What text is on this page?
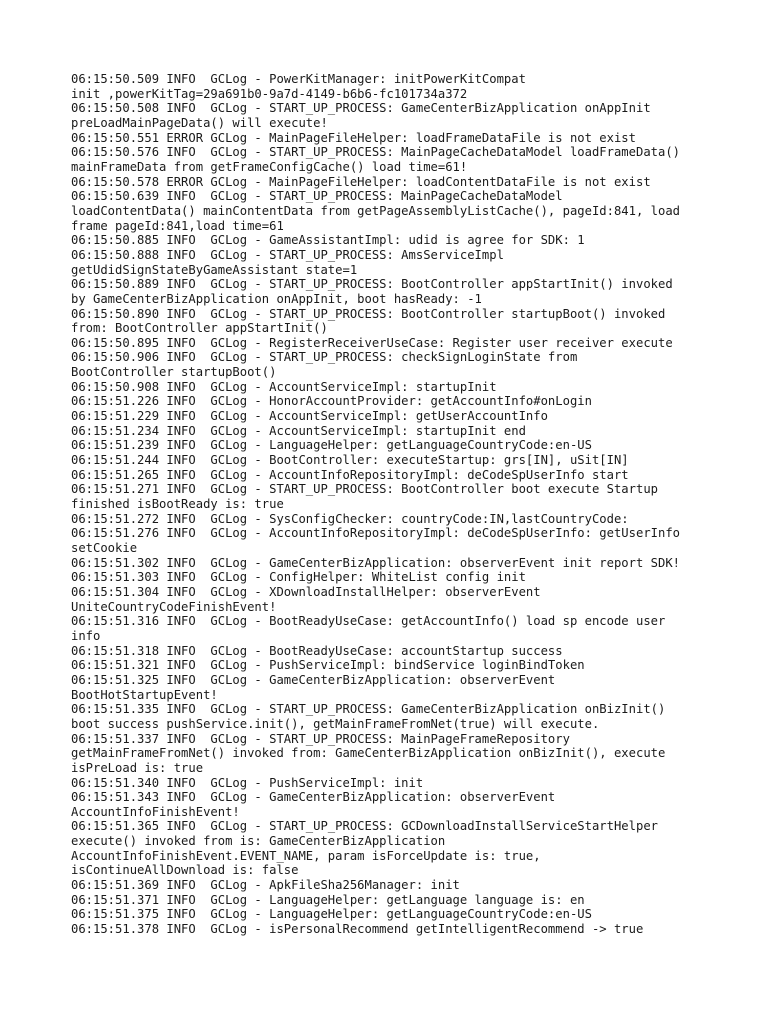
06:15:50.509 INFO  GCLog - PowerKitManager: initPowerKitCompat
init ,powerKitTag=29a691b0-9a7d-4149-b6b6-fc101734a372
06:15:50.508 INFO  GCLog - START_UP_PROCESS: GameCenterBizApplication onAppInit
preLoadMainPageData() will execute!
06:15:50.551 ERROR GCLog - MainPageFileHelper: loadFrameDataFile is not exist
06:15:50.576 INFO  GCLog - START_UP_PROCESS: MainPageCacheDataModel loadFrameData()
mainFrameData from getFrameConfigCache() load time=61!
06:15:50.578 ERROR GCLog - MainPageFileHelper: loadContentDataFile is not exist
06:15:50.639 INFO  GCLog - START_UP_PROCESS: MainPageCacheDataModel
loadContentData() mainContentData from getPageAssemblyListCache(), pageId:841, load
frame pageId:841,load time=61
06:15:50.885 INFO  GCLog - GameAssistantImpl: udid is agree for SDK: 1
06:15:50.888 INFO  GCLog - START_UP_PROCESS: AmsServiceImpl
getUdidSignStateByGameAssistant state=1
06:15:50.889 INFO  GCLog - START_UP_PROCESS: BootController appStartInit() invoked
by GameCenterBizApplication onAppInit, boot hasReady: -1
06:15:50.890 INFO  GCLog - START_UP_PROCESS: BootController startupBoot() invoked
from: BootController appStartInit()
06:15:50.895 INFO  GCLog - RegisterReceiverUseCase: Register user receiver execute
06:15:50.906 INFO  GCLog - START_UP_PROCESS: checkSignLoginState from
BootController startupBoot()
06:15:50.908 INFO  GCLog - AccountServiceImpl: startupInit
06:15:51.226 INFO  GCLog - HonorAccountProvider: getAccountInfo#onLogin
06:15:51.229 INFO  GCLog - AccountServiceImpl: getUserAccountInfo
06:15:51.234 INFO  GCLog - AccountServiceImpl: startupInit end
06:15:51.239 INFO  GCLog - LanguageHelper: getLanguageCountryCode:en-US
06:15:51.244 INFO  GCLog - BootController: executeStartup: grs[IN], uSit[IN]
06:15:51.265 INFO  GCLog - AccountInfoRepositoryImpl: deCodeSpUserInfo start
06:15:51.271 INFO  GCLog - START_UP_PROCESS: BootController boot execute Startup
finished isBootReady is: true
06:15:51.272 INFO  GCLog - SysConfigChecker: countryCode:IN,lastCountryCode:
06:15:51.276 INFO  GCLog - AccountInfoRepositoryImpl: deCodeSpUserInfo: getUserInfo
setCookie
06:15:51.302 INFO  GCLog - GameCenterBizApplication: observerEvent init report SDK!
06:15:51.303 INFO  GCLog - ConfigHelper: WhiteList config init
06:15:51.304 INFO  GCLog - XDownloadInstallHelper: observerEvent
UniteCountryCodeFinishEvent!
06:15:51.316 INFO  GCLog - BootReadyUseCase: getAccountInfo() load sp encode user
info
06:15:51.318 INFO  GCLog - BootReadyUseCase: accountStartup success
06:15:51.321 INFO  GCLog - PushServiceImpl: bindService loginBindToken
06:15:51.325 INFO  GCLog - GameCenterBizApplication: observerEvent
BootHotStartupEvent!
06:15:51.335 INFO  GCLog - START_UP_PROCESS: GameCenterBizApplication onBizInit()
boot success pushService.init(), getMainFrameFromNet(true) will execute.
06:15:51.337 INFO  GCLog - START_UP_PROCESS: MainPageFrameRepository
getMainFrameFromNet() invoked from: GameCenterBizApplication onBizInit(), execute
isPreLoad is: true
06:15:51.340 INFO  GCLog - PushServiceImpl: init
06:15:51.343 INFO  GCLog - GameCenterBizApplication: observerEvent
AccountInfoFinishEvent!
06:15:51.365 INFO  GCLog - START_UP_PROCESS: GCDownloadInstallServiceStartHelper
execute() invoked from is: GameCenterBizApplication
AccountInfoFinishEvent.EVENT_NAME, param isForceUpdate is: true,
isContinueAllDownload is: false
06:15:51.369 INFO  GCLog - ApkFileSha256Manager: init
06:15:51.371 INFO  GCLog - LanguageHelper: getLanguage language is: en
06:15:51.375 INFO  GCLog - LanguageHelper: getLanguageCountryCode:en-US
06:15:51.378 INFO  GCLog - isPersonalRecommend getIntelligentRecommend -> true
